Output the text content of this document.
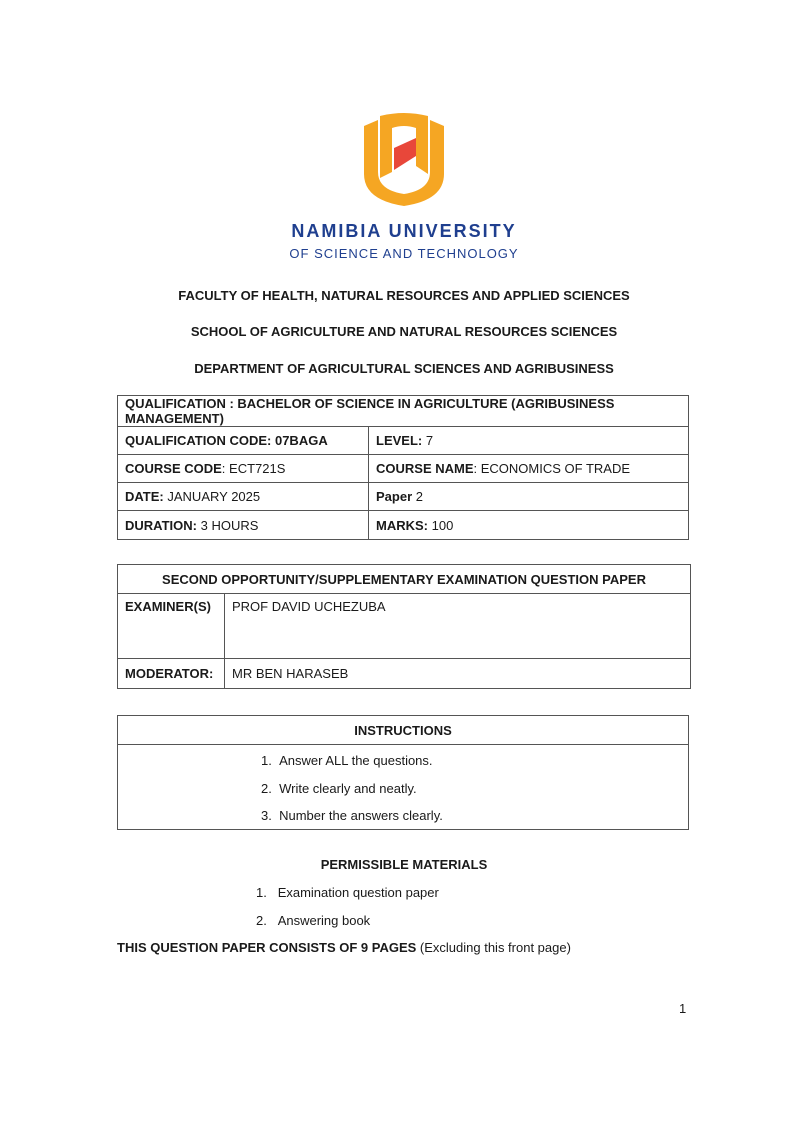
NAMIBIA UNIVERSITY
OF SCIENCE AND TECHNOLOGY
FACULTY OF HEALTH, NATURAL RESOURCES AND APPLIED SCIENCES
SCHOOL OF AGRICULTURE AND NATURAL RESOURCES SCIENCES
DEPARTMENT OF AGRICULTURAL SCIENCES AND AGRIBUSINESS
QUALIFICATION : BACHELOR OF SCIENCE IN AGRICULTURE (AGRIBUSINESS MANAGEMENT)	
QUALIFICATION CODE: 07BAGA	LEVEL: 7
COURSE CODE: ECT721S	COURSE NAME: ECONOMICS OF TRADE
DATE: JANUARY 2025	Paper 2
DURATION: 3 HOURS	MARKS: 100
SECOND OPPORTUNITY/SUPPLEMENTARY EXAMINATION QUESTION PAPER	
EXAMINER(S)	PROF DAVID UCHEZUBA
MODERATOR:	MR BEN HARASEB
INSTRUCTIONS

1. Answer ALL the questions.
2. Write clearly and neatly.
3. Number the answers clearly.
PERMISSIBLE MATERIALS
1. Examination question paper
2. Answering book
THIS QUESTION PAPER CONSISTS OF 9 PAGES (Excluding this front page)
1
